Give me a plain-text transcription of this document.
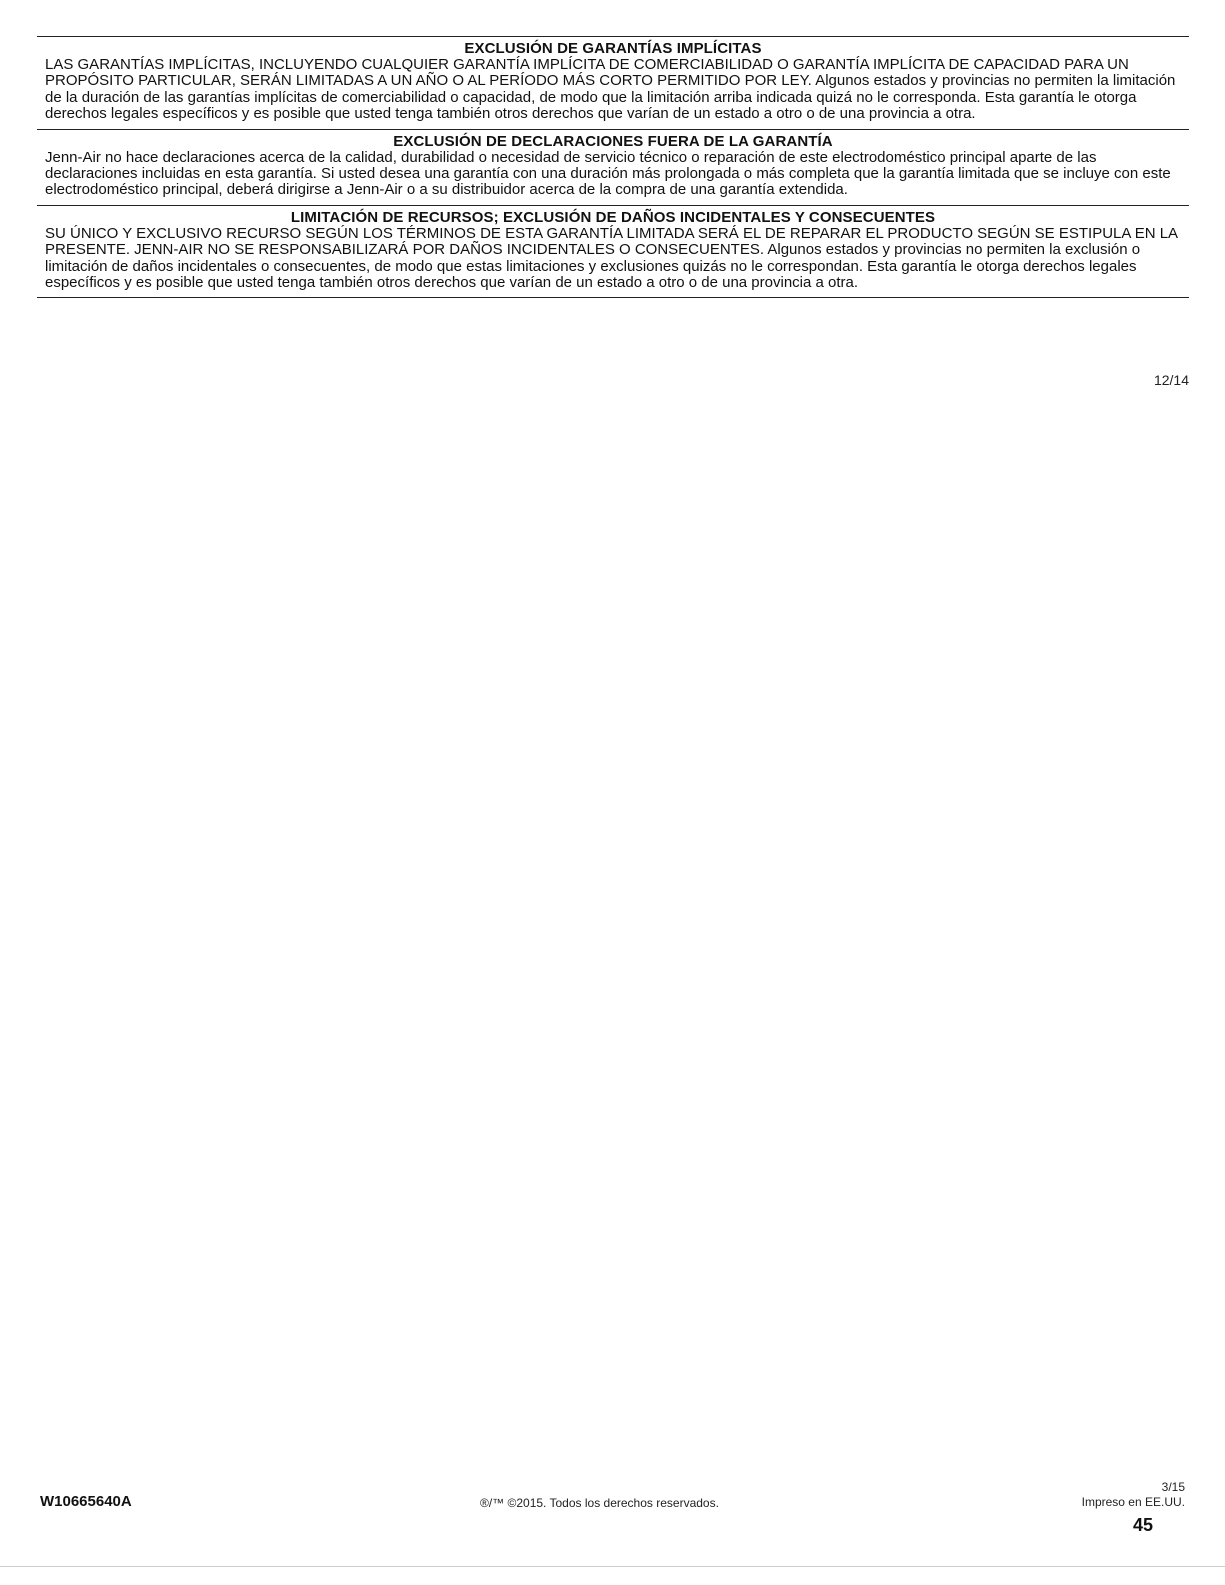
EXCLUSIÓN DE GARANTÍAS IMPLÍCITAS

LAS GARANTÍAS IMPLÍCITAS, INCLUYENDO CUALQUIER GARANTÍA IMPLÍCITA DE COMERCIABILIDAD O GARANTÍA IMPLÍCITA DE CAPACIDAD PARA UN PROPÓSITO PARTICULAR, SERÁN LIMITADAS A UN AÑO O AL PERÍODO MÁS CORTO PERMITIDO POR LEY. Algunos estados y provincias no permiten la limitación de la duración de las garantías implícitas de comerciabilidad o capacidad, de modo que la limitación arriba indicada quizá no le corresponda. Esta garantía le otorga derechos legales específicos y es posible que usted tenga también otros derechos que varían de un estado a otro o de una provincia a otra.

EXCLUSIÓN DE DECLARACIONES FUERA DE LA GARANTÍA

Jenn-Air no hace declaraciones acerca de la calidad, durabilidad o necesidad de servicio técnico o reparación de este electrodoméstico principal aparte de las declaraciones incluidas en esta garantía. Si usted desea una garantía con una duración más prolongada o más completa que la garantía limitada que se incluye con este electrodoméstico principal, deberá dirigirse a Jenn-Air o a su distribuidor acerca de la compra de una garantía extendida.

LIMITACIÓN DE RECURSOS; EXCLUSIÓN DE DAÑOS INCIDENTALES Y CONSECUENTES

SU ÚNICO Y EXCLUSIVO RECURSO SEGÚN LOS TÉRMINOS DE ESTA GARANTÍA LIMITADA SERÁ EL DE REPARAR EL PRODUCTO SEGÚN SE ESTIPULA EN LA PRESENTE. JENN-AIR NO SE RESPONSABILIZARÁ POR DAÑOS INCIDENTALES O CONSECUENTES. Algunos estados y provincias no permiten la exclusión o limitación de daños incidentales o consecuentes, de modo que estas limitaciones y exclusiones quizás no le correspondan. Esta garantía le otorga derechos legales específicos y es posible que usted tenga también otros derechos que varían de un estado a otro o de una provincia a otra.

12/14
W10665640A	®/™ ©2015. Todos los derechos reservados.
3/15
Impreso en EE.UU.
45
